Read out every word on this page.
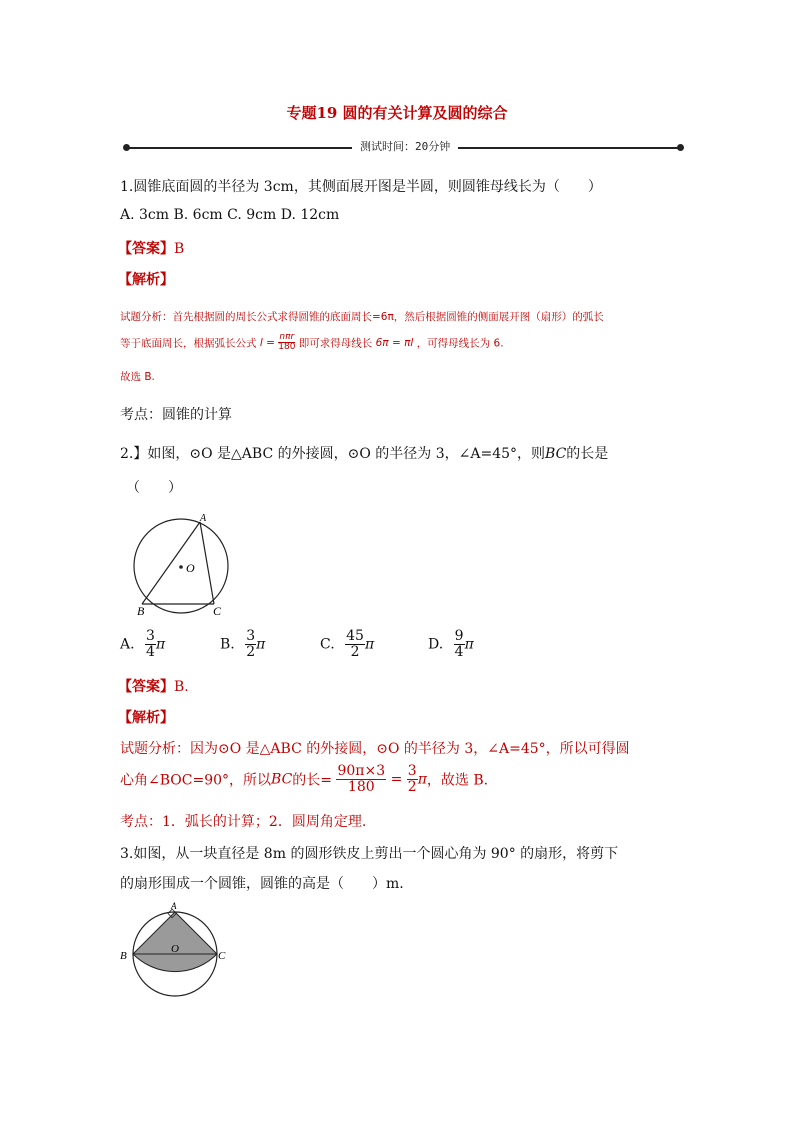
专题19 圆的有关计算及圆的综合
测试时间：20分钟
1.圆锥底面圆的半径为 3cm，其侧面展开图是半圆，则圆锥母线长为（　　）
A. 3cm B. 6cm C. 9cm D. 12cm
【答案】B
【解析】
试题分析：首先根据圆的周长公式求得圆锥的底面周长=6π，然后根据圆锥的侧面展开图（扇形）的弧长
等于底面周长，根据弧长公式 $l = \frac{\text{nπr}}{180}$ 即可求得母线长 6π = πl ，可得母线长为 6.
故选 B.
考点：圆锥的计算
2.】如图，⊙O 是△ABC 的外接圆，⊙O 的半径为 3，∠A=45°，则BC的长是
（　　）
O
A
B	C
A. $\frac{3}{4}$ π	B. $\frac{3}{2}$ π	C. $\frac{45}{2}$ π	D. $\frac{9}{4}$ π
【答案】B.
【解析】
试题分析：因为⊙O 是△ABC 的外接圆，⊙O 的半径为 3，∠A=45°，所以可得圆
心角∠BOC=90°，所以BC的长= $\frac{90\pi\times 3}{180} = \frac{3}{2}$ π，故选 B.
考点：1．弧长的计算；2．圆周角定理.
3.如图，从一块直径是 8m 的圆形铁皮上剪出一个圆心角为 90° 的扇形，将剪下
的扇形围成一个圆锥，圆锥的高是（　　）m.
A
B	C
O
